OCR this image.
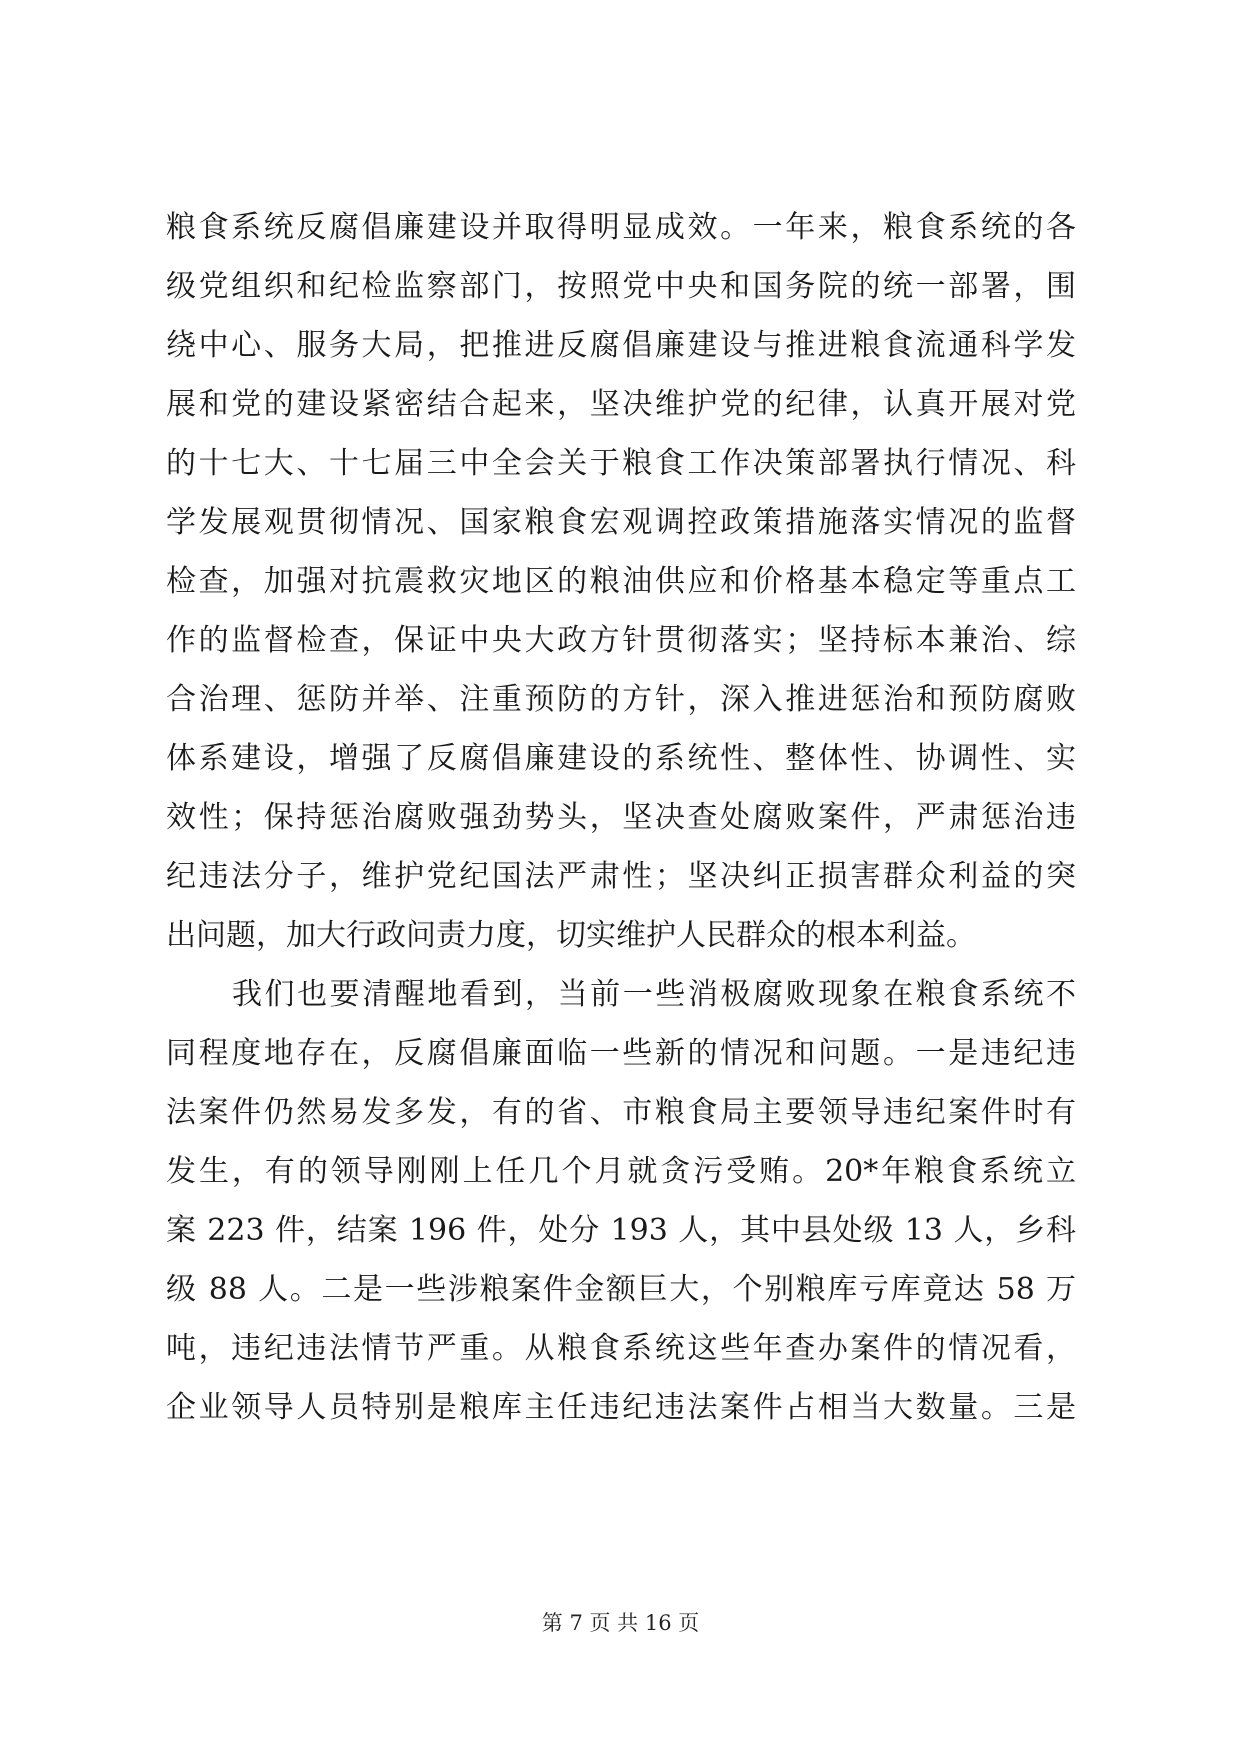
粮食系统反腐倡廉建设并取得明显成效。一年来，粮食系统的各
级党组织和纪检监察部门，按照党中央和国务院的统一部署，围
绕中心、服务大局，把推进反腐倡廉建设与推进粮食流通科学发
展和党的建设紧密结合起来，坚决维护党的纪律，认真开展对党
的十七大、十七届三中全会关于粮食工作决策部署执行情况、科
学发展观贯彻情况、国家粮食宏观调控政策措施落实情况的监督
检查，加强对抗震救灾地区的粮油供应和价格基本稳定等重点工
作的监督检查，保证中央大政方针贯彻落实；坚持标本兼治、综
合治理、惩防并举、注重预防的方针，深入推进惩治和预防腐败
体系建设，增强了反腐倡廉建设的系统性、整体性、协调性、实
效性；保持惩治腐败强劲势头，坚决查处腐败案件，严肃惩治违
纪违法分子，维护党纪国法严肃性；坚决纠正损害群众利益的突
出问题，加大行政问责力度，切实维护人民群众的根本利益。
我们也要清醒地看到，当前一些消极腐败现象在粮食系统不
同程度地存在，反腐倡廉面临一些新的情况和问题。一是违纪违
法案件仍然易发多发，有的省、市粮食局主要领导违纪案件时有
发生，有的领导刚刚上任几个月就贪污受贿。20*年粮食系统立
案 223 件，结案 196 件，处分 193 人，其中县处级 13 人，乡科
级 88 人。二是一些涉粮案件金额巨大，个别粮库亏库竟达 58 万
吨，违纪违法情节严重。从粮食系统这些年查办案件的情况看，
企业领导人员特别是粮库主任违纪违法案件占相当大数量。三是
第 7 页 共 16 页
